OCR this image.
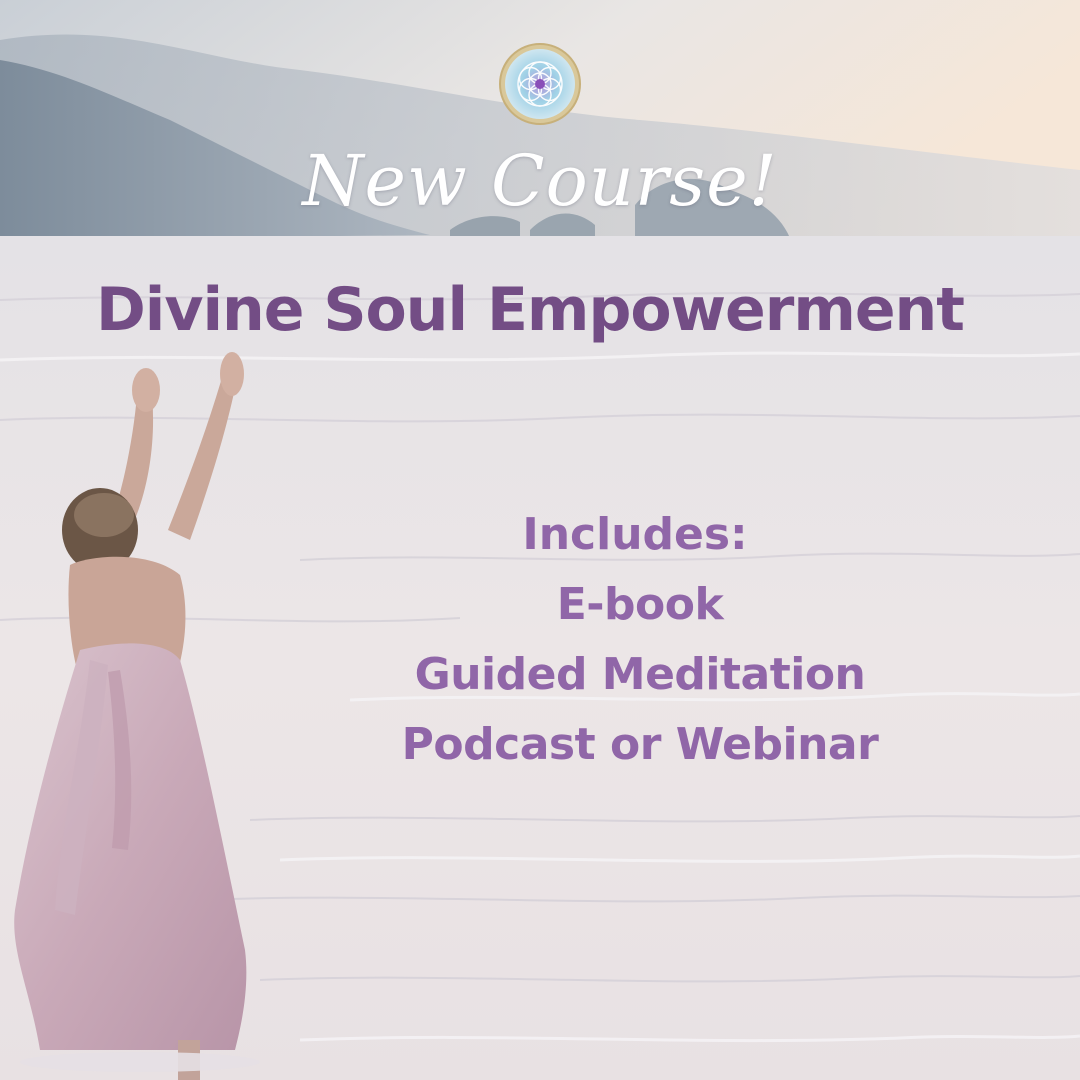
New Course!
Divine Soul Empowerment
Includes:
E-book
Guided Meditation
Podcast or Webinar
